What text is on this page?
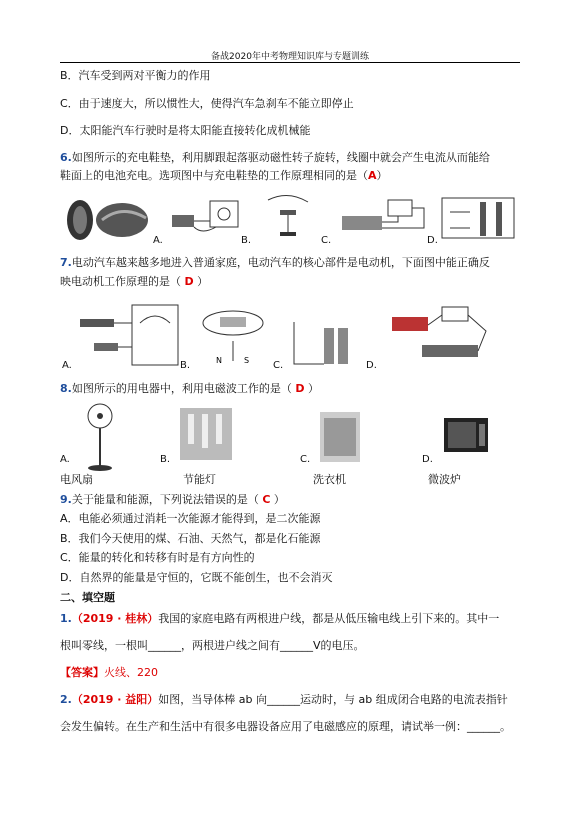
备战2020年中考物理知识库与专题训练
B．汽车受到两对平衡力的作用
C．由于速度大，所以惯性大，使得汽车急刹车不能立即停止
D．太阳能汽车行驶时是将太阳能直接转化成机械能
6.如图所示的充电鞋垫，利用脚跟起落驱动磁性转子旋转，线圈中就会产生电流从而能给
鞋面上的电池充电。选项图中与充电鞋垫的工作原理相同的是（A）
A.	B.	C.	D.
7.电动汽车越来越多地进入普通家庭，电动汽车的核心部件是电动机，下面图中能正确反
映电动机工作原理的是（ D ）
A.	N	S
B.	C.	D.
8.如图所示的用电器中，利用电磁波工作的是（ D ）
A.	B.	C.	D.
电风扇	节能灯	洗衣机	微波炉
9.关于能量和能源，下列说法错误的是（ C ）
A．电能必须通过消耗一次能源才能得到，是二次能源
B．我们今天使用的煤、石油、天然气，都是化石能源
C．能量的转化和转移有时是有方向性的
D．自然界的能量是守恒的，它既不能创生，也不会消灭
二、填空题
1.（2019 · 桂林）我国的家庭电路有两根进户线，都是从低压输电线上引下来的。其中一
根叫零线，一根叫______，两根进户线之间有______V的电压。
【答案】火线、220
2.（2019 · 益阳）如图，当导体棒 ab 向______运动时，与 ab 组成闭合电路的电流表指针
会发生偏转。在生产和生活中有很多电器设备应用了电磁感应的原理，请试举一例：______。
